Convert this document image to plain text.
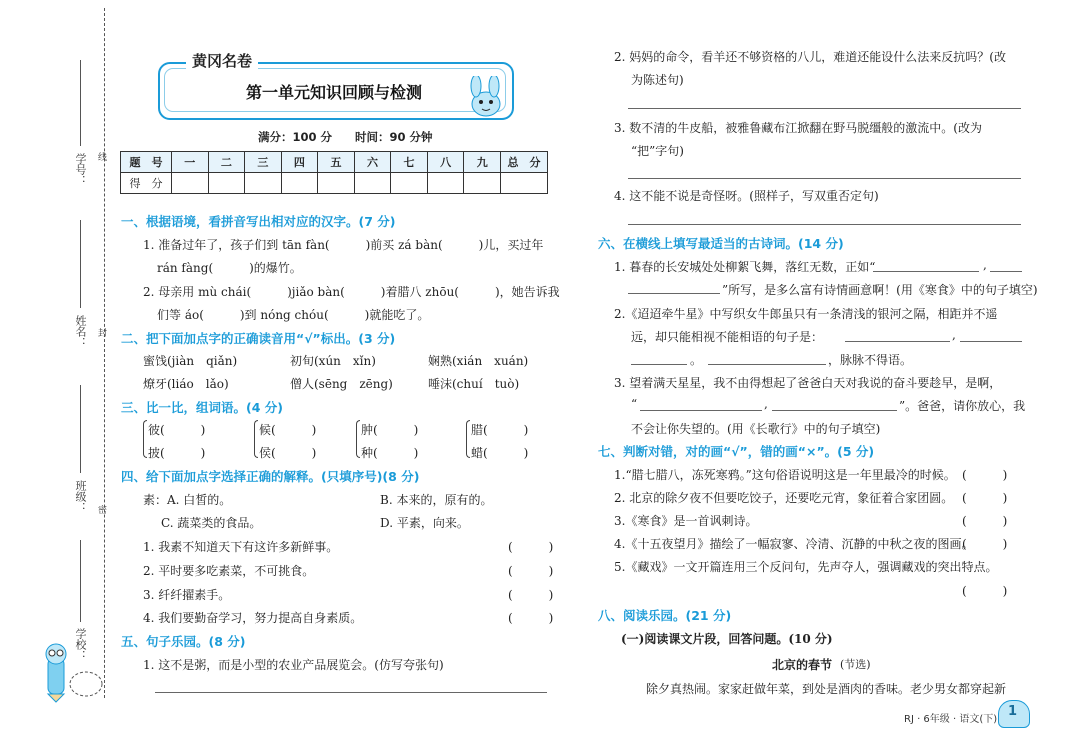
学号：
姓名：
班级：
学校：
线
封
密
黄冈名卷
第一单元知识回顾与检测
满分：100 分　　时间：90 分钟
题　号	一	二	三	四	五	六	七	八	九	总　分
得　分										
一、根据语境，看拼音写出相对应的汉字。(7 分)
1. 准备过年了，孩子们到 tān fàn(　　　)前买 zá bàn(　　　)儿，买过年
rán fàng(　　　)的爆竹。
2. 母亲用 mù chái(　　　)jiǎo bàn(　　　)着腊八 zhōu(　　　)，她告诉我
们等 áo(　　　)到 nóng chóu(　　　)就能吃了。
二、把下面加点字的正确读音用“√”标出。(3 分)
蜜饯(jiàn　qiǎn)	初旬(xún　xǐn)	娴熟(xián　xuán)
燎牙(liáo　lǎo)	僧人(sēng　zēng)	唾沫(chuí　tuò)
三、比一比，组词语。(4 分)
彼(　　　)	候(　　　)	肿(　　　)	腊(　　　)
披(　　　)	侯(　　　)	种(　　　)	蜡(　　　)
四、给下面加点字选择正确的解释。(只填序号)(8 分)
素：A. 白皙的。	B. 本来的，原有的。
C. 蔬菜类的食品。	D. 平素，向来。
1. 我素不知道天下有这许多新鲜事。	(　　　)
2. 平时要多吃素菜，不可挑食。	(　　　)
3. 纤纤擢素手。	(　　　)
4. 我们要勤奋学习，努力提高自身素质。	(　　　)
五、句子乐园。(8 分)
1. 这不是粥，而是小型的农业产品展览会。(仿写夸张句)
2. 妈妈的命令，看羊还不够资格的八儿，难道还能设什么法来反抗吗？(改
为陈述句)
3. 数不清的牛皮船，被雅鲁藏布江掀翻在野马脱缰般的激流中。(改为
“把”字句)
4. 这不能不说是奇怪呀。(照样子，写双重否定句)
六、在横线上填写最适当的古诗词。(14 分)
1. 暮春的长安城处处柳絮飞舞，落红无数，正如“	,
”所写，是多么富有诗情画意啊！(用《寒食》中的句子填空)
2.《迢迢牵牛星》中写织女牛郎虽只有一条清浅的银河之隔，相距并不遥
远，却只能相视不能相语的句子是：	,
。	，脉脉不得语。
3. 望着满天星星，我不由得想起了爸爸白天对我说的奋斗要趁早，是啊，
“	,	”。爸爸，请你放心，我
不会让你失望的。(用《长歌行》中的句子填空)
七、判断对错，对的画“√”，错的画“×”。(5 分)
1.“腊七腊八，冻死寒鸦。”这句俗语说明这是一年里最冷的时候。 (　　　)
2. 北京的除夕夜不但要吃饺子，还要吃元宵，象征着合家团圆。 (　　　)
3.《寒食》是一首讽刺诗。	(　　　)
4.《十五夜望月》描绘了一幅寂寥、冷清、沉静的中秋之夜的图画。
(　　　)
5.《藏戏》一文开篇连用三个反问句，先声夺人，强调藏戏的突出特点。
(　　　)
八、阅读乐园。(21 分)
(一)阅读课文片段，回答问题。(10 分)
北京的春节 (节选)
除夕真热闹。家家赶做年菜，到处是酒肉的香味。老少男女都穿起新
RJ · 6年级 · 语文(下)
1
